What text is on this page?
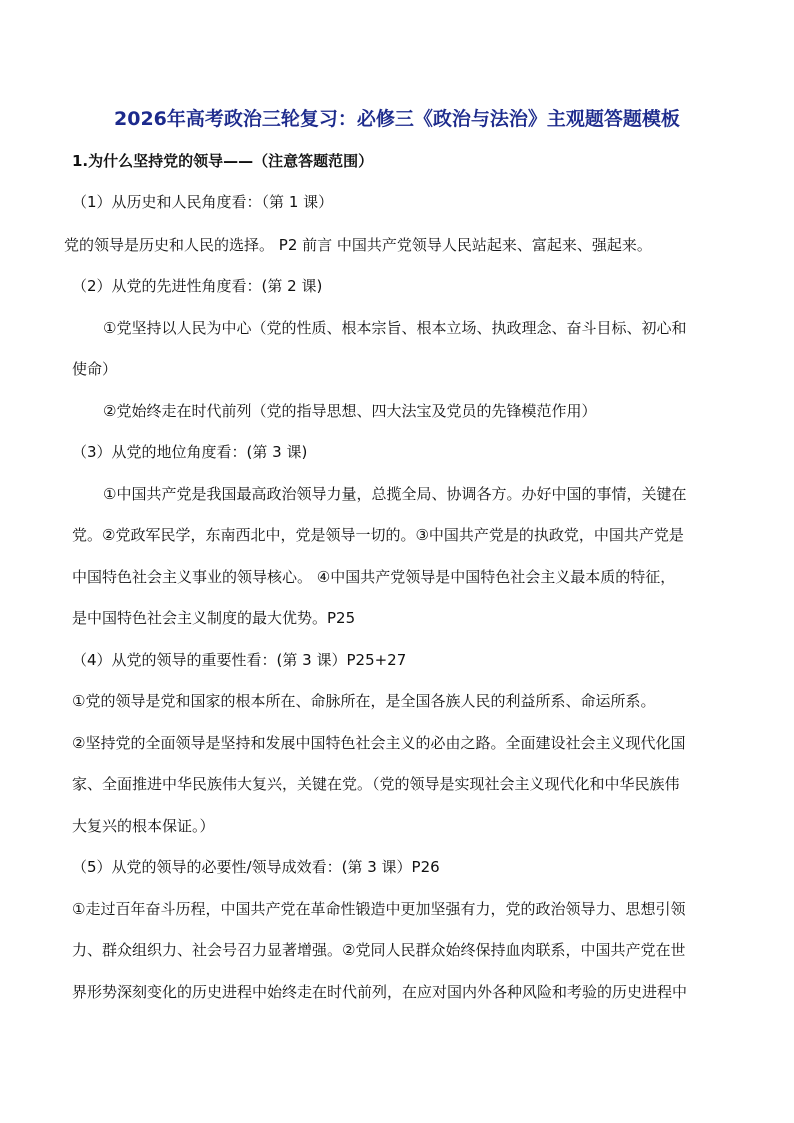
2026年高考政治三轮复习：必修三《政治与法治》主观题答题模板
1.为什么坚持党的领导——（注意答题范围）
（1）从历史和人民角度看：（第 1 课）
党的领导是历史和人民的选择。 P2 前言 中国共产党领导人民站起来、富起来、强起来。
（2）从党的先进性角度看：(第 2 课)
①党坚持以人民为中心（党的性质、根本宗旨、根本立场、执政理念、奋斗目标、初心和
使命）
②党始终走在时代前列（党的指导思想、四大法宝及党员的先锋模范作用）
（3）从党的地位角度看：(第 3 课)
①中国共产党是我国最高政治领导力量，总揽全局、协调各方。办好中国的事情，关键在
党。②党政军民学，东南西北中，党是领导一切的。③中国共产党是的执政党，中国共产党是
中国特色社会主义事业的领导核心。 ④中国共产党领导是中国特色社会主义最本质的特征，
是中国特色社会主义制度的最大优势。P25
（4）从党的领导的重要性看：(第 3 课）P25+27
①党的领导是党和国家的根本所在、命脉所在，是全国各族人民的利益所系、命运所系。
②坚持党的全面领导是坚持和发展中国特色社会主义的必由之路。全面建设社会主义现代化国
家、全面推进中华民族伟大复兴，关键在党。（党的领导是实现社会主义现代化和中华民族伟
大复兴的根本保证。）
（5）从党的领导的必要性/领导成效看：(第 3 课）P26
①走过百年奋斗历程，中国共产党在革命性锻造中更加坚强有力，党的政治领导力、思想引领
力、群众组织力、社会号召力显著增强。②党同人民群众始终保持血肉联系，中国共产党在世
界形势深刻变化的历史进程中始终走在时代前列，在应对国内外各种风险和考验的历史进程中
